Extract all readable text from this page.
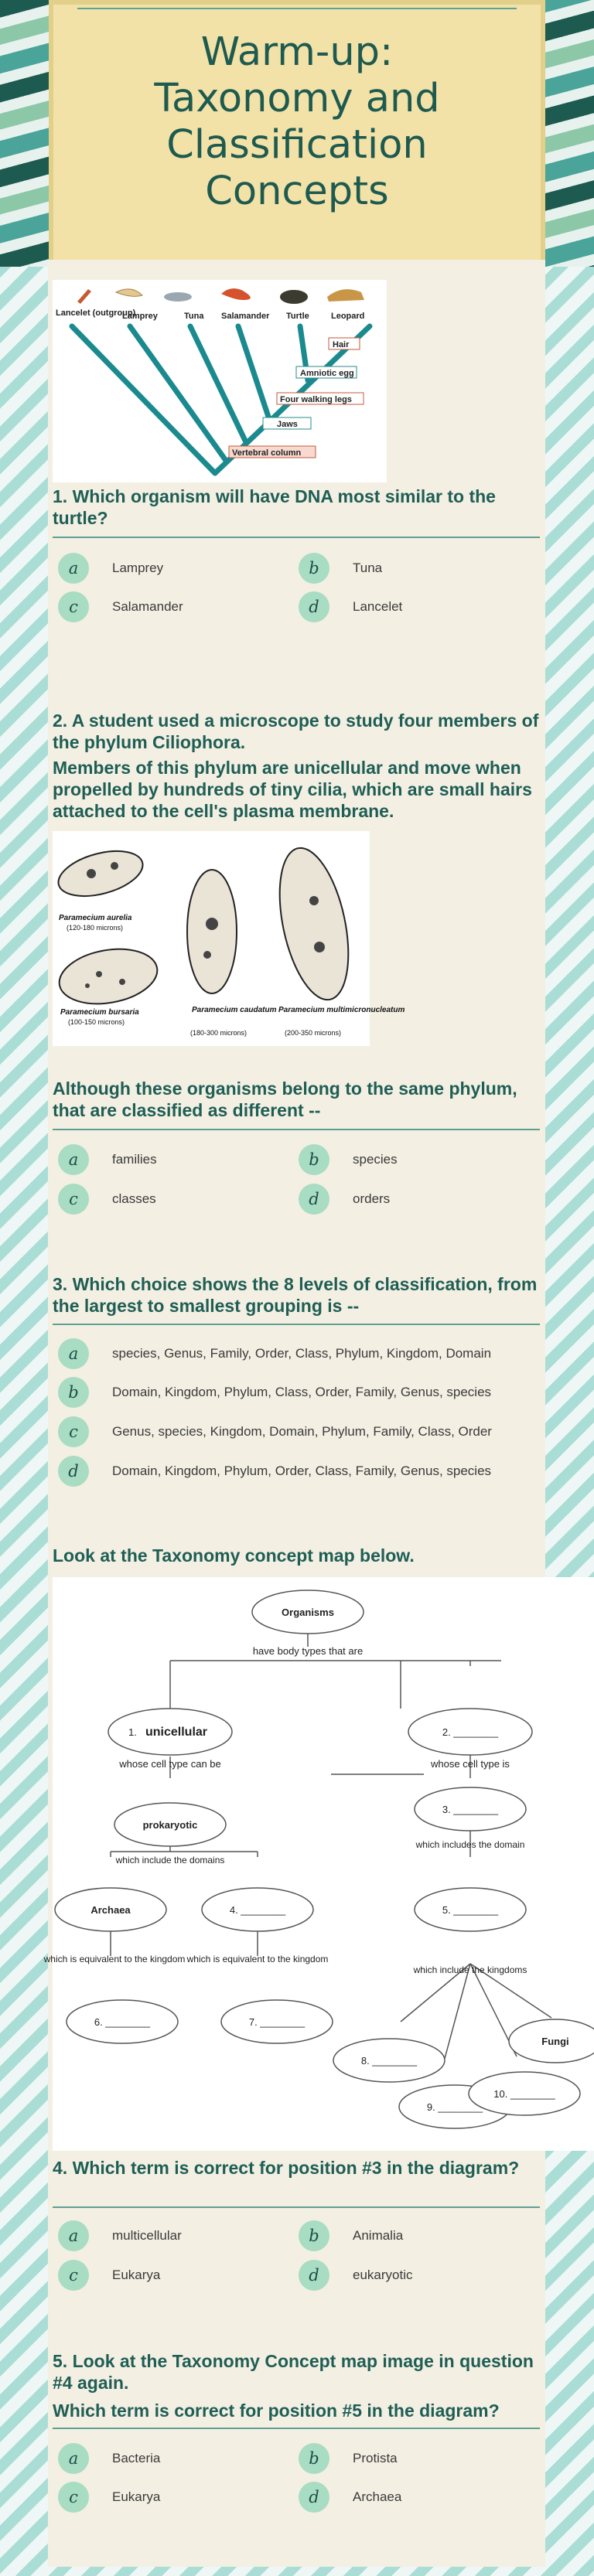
Warm-up:
Taxonomy and
Classification
Concepts
Lancelet (outgroup)
Lamprey	Tuna Salamander Turtle	Leopard
Hair
Amniotic egg
Four walking legs
Jaws
Vertebral column
1. Which organism will have DNA most similar to the turtle?
a	Lamprey	b	Tuna
c	Salamander	d	Lancelet
2. A student used a microscope to study four members of the phylum Ciliophora.

Members of this phylum are unicellular and move when propelled by hundreds of tiny cilia, which are small hairs attached to the cell's plasma membrane.

Paramecium aurelia
Paramecium bursaria	Paramecium caudatum Paramecium multimicronucleatum
(120-180 microns)
(100-150 microns)
(180-300 microns)	(200-350 microns)

Although these organisms belong to the same phylum, that are classified as different --

a	families	b	species
c	classes	d	orders
3. Which choice shows the 8 levels of classification, from the largest to smallest grouping is --
a	species, Genus, Family, Order, Class, Phylum, Kingdom, Domain
b	Domain, Kingdom, Phylum, Class, Order, Family, Genus, species
c	Genus, species, Kingdom, Domain, Phylum, Family, Class, Order
d	Domain, Kingdom, Phylum, Order, Class, Family, Genus, species

Look at the Taxonomy concept map below.

Organisms
have body types that are
1. unicellular	2. ________
whose cell type can be	whose cell type is
prokaryotic
3. ________
which include the domains
which includes the domain
Archaea	4. ________	5. ________
which is equivalent to the kingdom which is equivalent to the kingdom
which include the kingdoms
6. ________	7. ________
8. ________
9. ________
10. ________
Fungi
4. Which term is correct for position #3 in the diagram?
a	multicellular	b	Animalia
c	Eukarya	d	eukaryotic
5. Look at the Taxonomy Concept map image in question #4 again.

Which term is correct for position #5 in the diagram?

a	Bacteria	b	Protista
c	Eukarya	d	Archaea
